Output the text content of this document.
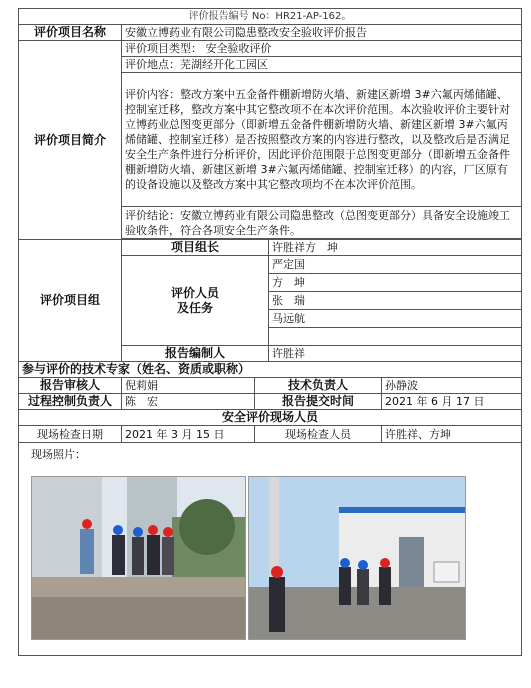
评价报告编号 No：HR21-AP-162。				
评价项目名称	安徽立博药业有限公司隐患整改安全验收评价报告			
评价项目简介	评价项目类型： 安全验收评价			
	评价地点：芜湖经开化工园区			
	评价内容：整改方案中五金备件棚新增防火墙、新建区新增 3#六氟丙烯储罐、控制室迁移，整改方案中其它整改项不在本次评价范围。本次验收评价主要针对立博药业总图变更部分（即新增五金备件棚新增防火墙、新建区新增 3#六氟丙烯储罐、控制室迁移）是否按照整改方案的内容进行整改，以及整改后是否满足安全生产条件进行分析评价，因此评价范围限于总图变更部分（即新增五金备件棚新增防火墙、新建区新增 3#六氟丙烯储罐、控制室迁移）的内容，厂区原有的设备设施以及整改方案中其它整改项均不在本次评价范围。			
	评价结论：安徽立博药业有限公司隐患整改（总图变更部分）具备安全设施竣工验收条件，符合各项安全生产条件。			

评价项目组	项目组长		许胜祥方　坤	
	评价人员
及任务		严定国	
			方　坤	
			张　瑞	
			马远航	

	报告编制人		许胜祥	
参与评价的技术专家（姓名、资质或职称）				
报告审核人	倪莉娟	技术负责人		孙静波
过程控制负责人	陈　宏	报告提交时间		2021 年 6 月 17 日
安全评价现场人员				
现场检查日期	2021 年 3 月 15 日	现场检查人员		许胜祥、方坤

现场照片：				
